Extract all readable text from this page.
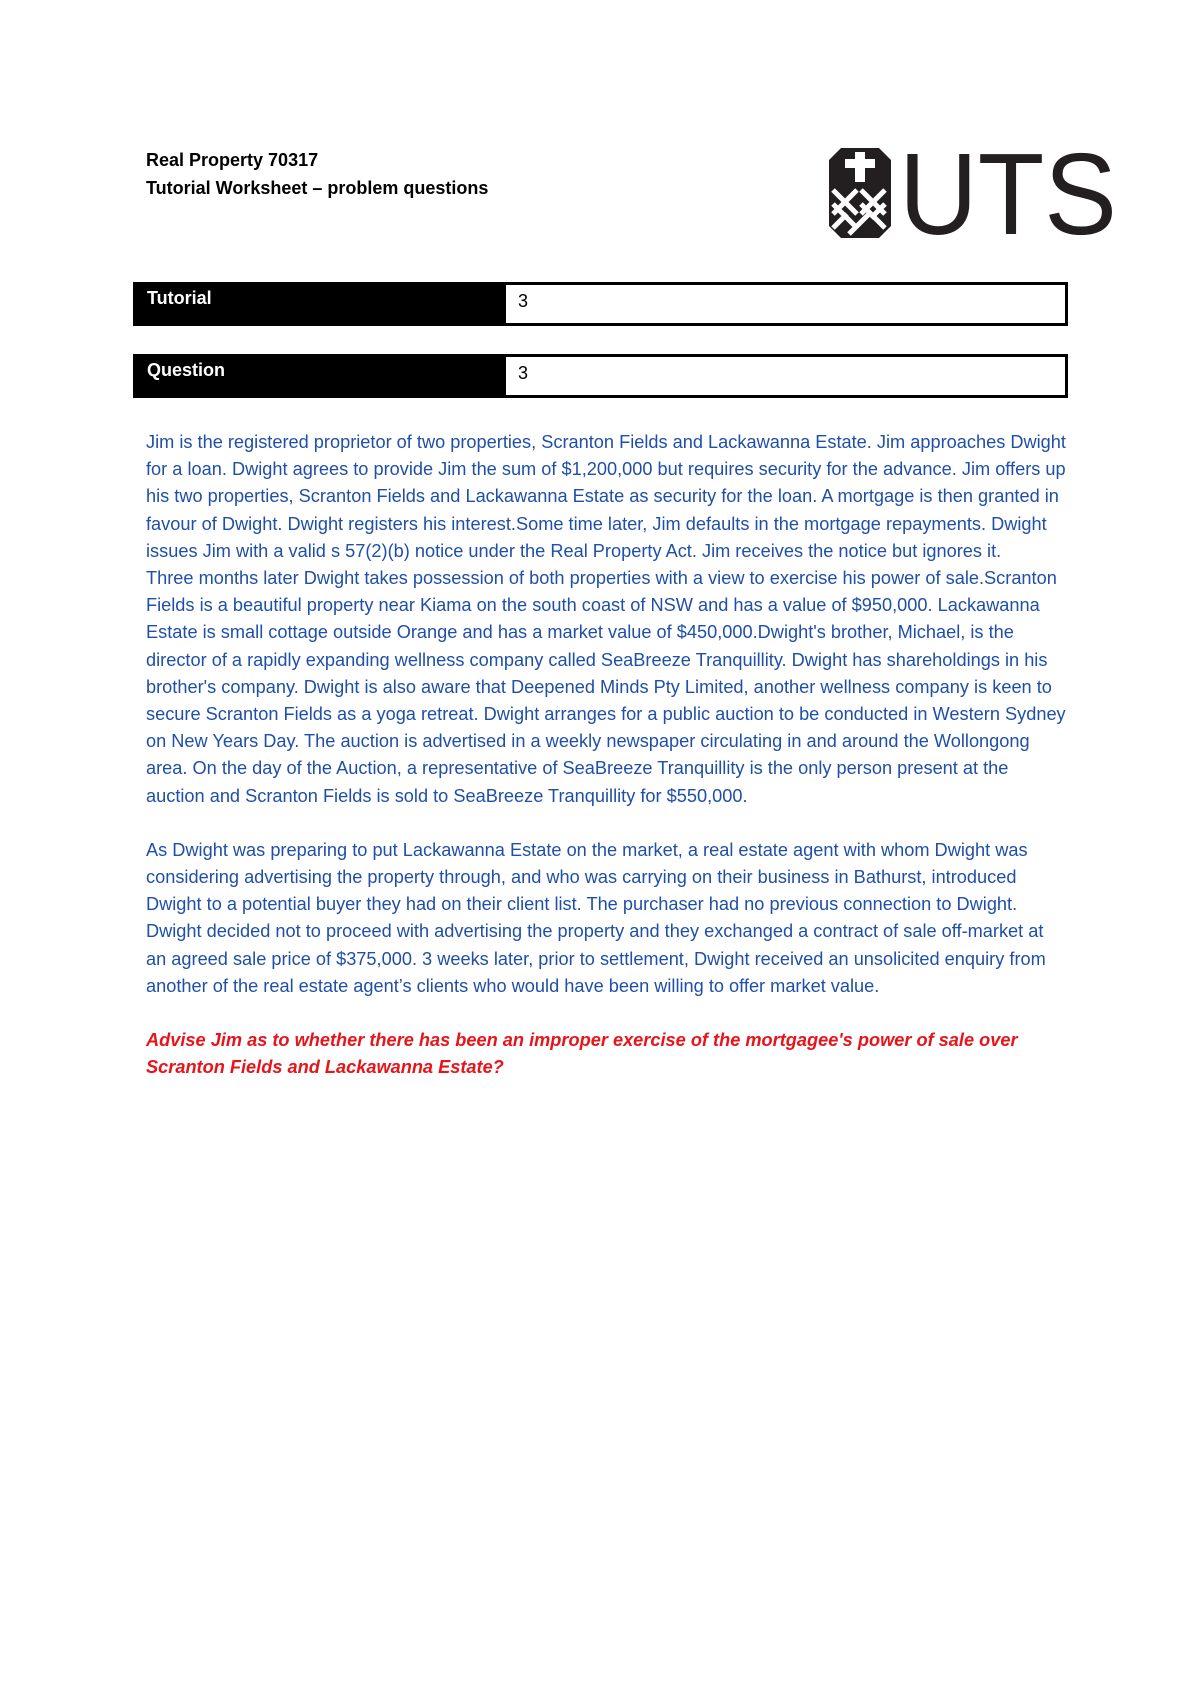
Real Property 70317
Tutorial Worksheet – problem questions	UTS
Tutorial	3
Question	3

Jim is the registered proprietor of two properties, Scranton Fields and Lackawanna Estate. Jim approaches Dwight for a loan. Dwight agrees to provide Jim the sum of $1,200,000 but requires security for the advance. Jim offers up his two properties, Scranton Fields and Lackawanna Estate as security for the loan. A mortgage is then granted in favour of Dwight. Dwight registers his interest.Some time later, Jim defaults in the mortgage repayments. Dwight issues Jim with a valid s 57(2)(b) notice under the Real Property Act. Jim receives the notice but ignores it.

Three months later Dwight takes possession of both properties with a view to exercise his power of sale.Scranton Fields is a beautiful property near Kiama on the south coast of NSW and has a value of $950,000. Lackawanna Estate is small cottage outside Orange and has a market value of $450,000.Dwight's brother, Michael, is the director of a rapidly expanding wellness company called SeaBreeze Tranquillity. Dwight has shareholdings in his brother's company. Dwight is also aware that Deepened Minds Pty Limited, another wellness company is keen to secure Scranton Fields as a yoga retreat. Dwight arranges for a public auction to be conducted in Western Sydney on New Years Day. The auction is advertised in a weekly newspaper circulating in and around the Wollongong area. On the day of the Auction, a representative of SeaBreeze Tranquillity is the only person present at the auction and Scranton Fields is sold to SeaBreeze Tranquillity for $550,000.

As Dwight was preparing to put Lackawanna Estate on the market, a real estate agent with whom Dwight was considering advertising the property through, and who was carrying on their business in Bathurst, introduced Dwight to a potential buyer they had on their client list. The purchaser had no previous connection to Dwight. Dwight decided not to proceed with advertising the property and they exchanged a contract of sale off-market at an agreed sale price of $375,000. 3 weeks later, prior to settlement, Dwight received an unsolicited enquiry from another of the real estate agent’s clients who would have been willing to offer market value.

Advise Jim as to whether there has been an improper exercise of the mortgagee's power of sale over Scranton Fields and Lackawanna Estate?
